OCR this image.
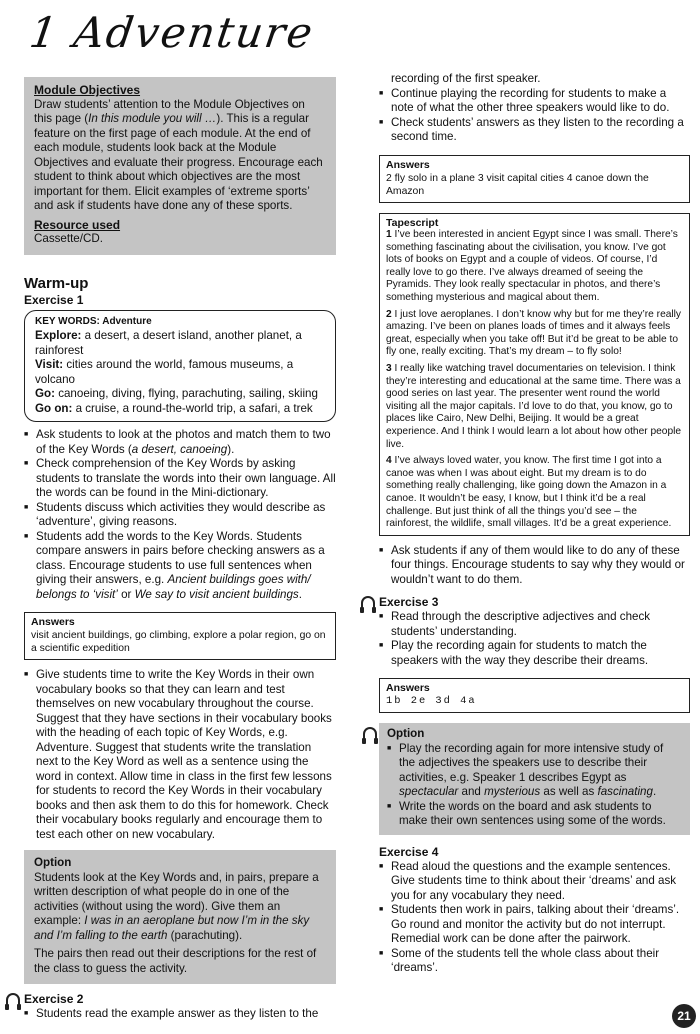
1 Adventure
Module Objectives
Draw students’ attention to the Module Objectives on this page (In this module you will …). This is a regular feature on the first page of each module. At the end of each module, students look back at the Module Objectives and evaluate their progress. Encourage each student to think about which objectives are the most important for them. Elicit examples of ‘extreme sports’ and ask if students have done any of these sports.
Resource used
Cassette/CD.
Warm-up
Exercise 1
KEY WORDS: Adventure
Explore: a desert, a desert island, another planet, a rainforest
Visit: cities around the world, famous museums, a volcano
Go: canoeing, diving, flying, parachuting, sailing, skiing
Go on: a cruise, a round-the-world trip, a safari, a trek
■ Ask students to look at the photos and match them to two of the Key Words (a desert, canoeing).
■ Check comprehension of the Key Words by asking students to translate the words into their own language. All the words can be found in the Mini-dictionary.
■ Students discuss which activities they would describe as ‘adventure’, giving reasons.
■ Students add the words to the Key Words. Students compare answers in pairs before checking answers as a class. Encourage students to use full sentences when giving their answers, e.g. Ancient buildings goes with/ belongs to ‘visit’ or We say to visit ancient buildings.
Answers
visit ancient buildings, go climbing, explore a polar region, go on a scientific expedition
■ Give students time to write the Key Words in their own vocabulary books so that they can learn and test themselves on new vocabulary throughout the course. Suggest that they have sections in their vocabulary books with the heading of each topic of Key Words, e.g. Adventure. Suggest that students write the translation next to the Key Word as well as a sentence using the word in context. Allow time in class in the first few lessons for students to record the Key Words in their vocabulary books and then ask them to do this for homework. Check their vocabulary books regularly and encourage them to test each other on new vocabulary.
Option
Students look at the Key Words and, in pairs, prepare a written description of what people do in one of the activities (without using the word). Give them an example: I was in an aeroplane but now I’m in the sky and I’m falling to the earth (parachuting).
The pairs then read out their descriptions for the rest of the class to guess the activity.
Exercise 2
■ Students read the example answer as they listen to the
recording of the first speaker.
■ Continue playing the recording for students to make a note of what the other three speakers would like to do.
■ Check students’ answers as they listen to the recording a second time.
Answers
2 fly solo in a plane 3 visit capital cities 4 canoe down the Amazon
Tapescript
1 I’ve been interested in ancient Egypt since I was small. There’s something fascinating about the civilisation, you know. I’ve got lots of books on Egypt and a couple of videos. Of course, I’d really love to go there. I’ve always dreamed of seeing the Pyramids. They look really spectacular in photos, and there’s something mysterious and magical about them.
2 I just love aeroplanes. I don’t know why but for me they’re really amazing. I’ve been on planes loads of times and it always feels great, especially when you take off! But it’d be great to be able to fly one, really exciting. That’s my dream – to fly solo!
3 I really like watching travel documentaries on television. I think they’re interesting and educational at the same time. There was a good series on last year. The presenter went round the world visiting all the major capitals. I’d love to do that, you know, go to places like Cairo, New Delhi, Beijing. It would be a great experience. And I think I would learn a lot about how other people live.
4 I’ve always loved water, you know. The first time I got into a canoe was when I was about eight. But my dream is to do something really challenging, like going down the Amazon in a canoe. It wouldn’t be easy, I know, but I think it’d be a real challenge. But just think of all the things you’d see – the rainforest, the wildlife, small villages. It’d be a great experience.
■ Ask students if any of them would like to do any of these four things. Encourage students to say why they would or wouldn’t want to do them.
Exercise 3
■ Read through the descriptive adjectives and check students’ understanding.
■ Play the recording again for students to match the speakers with the way they describe their dreams.
Answers
1b 2e 3d 4a
Option
■ Play the recording again for more intensive study of the adjectives the speakers use to describe their activities, e.g. Speaker 1 describes Egypt as spectacular and mysterious as well as fascinating.
■ Write the words on the board and ask students to make their own sentences using some of the words.
Exercise 4
■ Read aloud the questions and the example sentences. Give students time to think about their ‘dreams’ and ask you for any vocabulary they need.
■ Students then work in pairs, talking about their ‘dreams’. Go round and monitor the activity but do not interrupt. Remedial work can be done after the pairwork.
■ Some of the students tell the whole class about their ‘dreams’.
21
